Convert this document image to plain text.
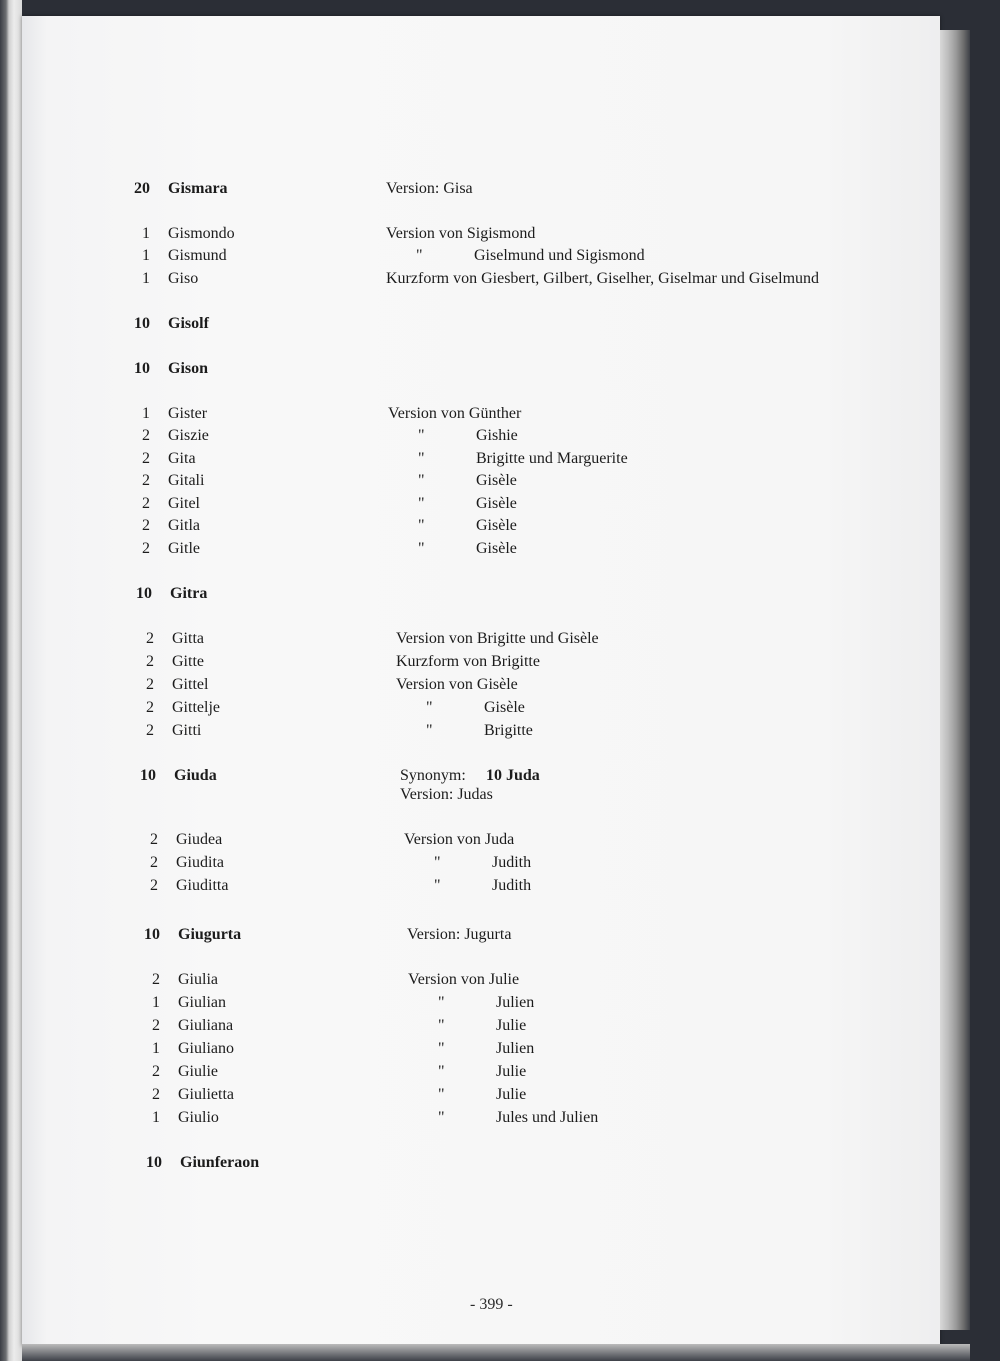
20 Gismara	Version: Gisa
1 Gismondo	Version von Sigismond
1 Gismund	"	Giselmund und Sigismond
1 Giso	Kurzform von Giesbert, Gilbert, Giselher, Giselmar und Giselmund
10 Gisolf
10 Gison
1 Gister	Version von Günther
2 Giszie	"	Gishie
2 Gita	"	Brigitte und Marguerite
2 Gitali	"	Gisèle
2 Gitel	"	Gisèle
2 Gitla	"	Gisèle
2 Gitle	"	Gisèle
10 Gitra
2 Gitta	Version von Brigitte und Gisèle
2 Gitte	Kurzform von Brigitte
2 Gittel	Version von Gisèle
2 Gittelje	"	Gisèle
2 Gitti	"	Brigitte
10 Giuda	Synonym: 10 Juda
Version: Judas
2 Giudea	Version von Juda
2 Giudita	"	Judith
2 Giuditta	"	Judith
10 Giugurta	Version: Jugurta
2 Giulia	Version von Julie
1 Giulian	"	Julien
2 Giuliana	"	Julie
1 Giuliano	"	Julien
2 Giulie	"	Julie
2 Giulietta	"	Julie
1 Giulio	"	Jules und Julien
10 Giunferaon
- 399 -
